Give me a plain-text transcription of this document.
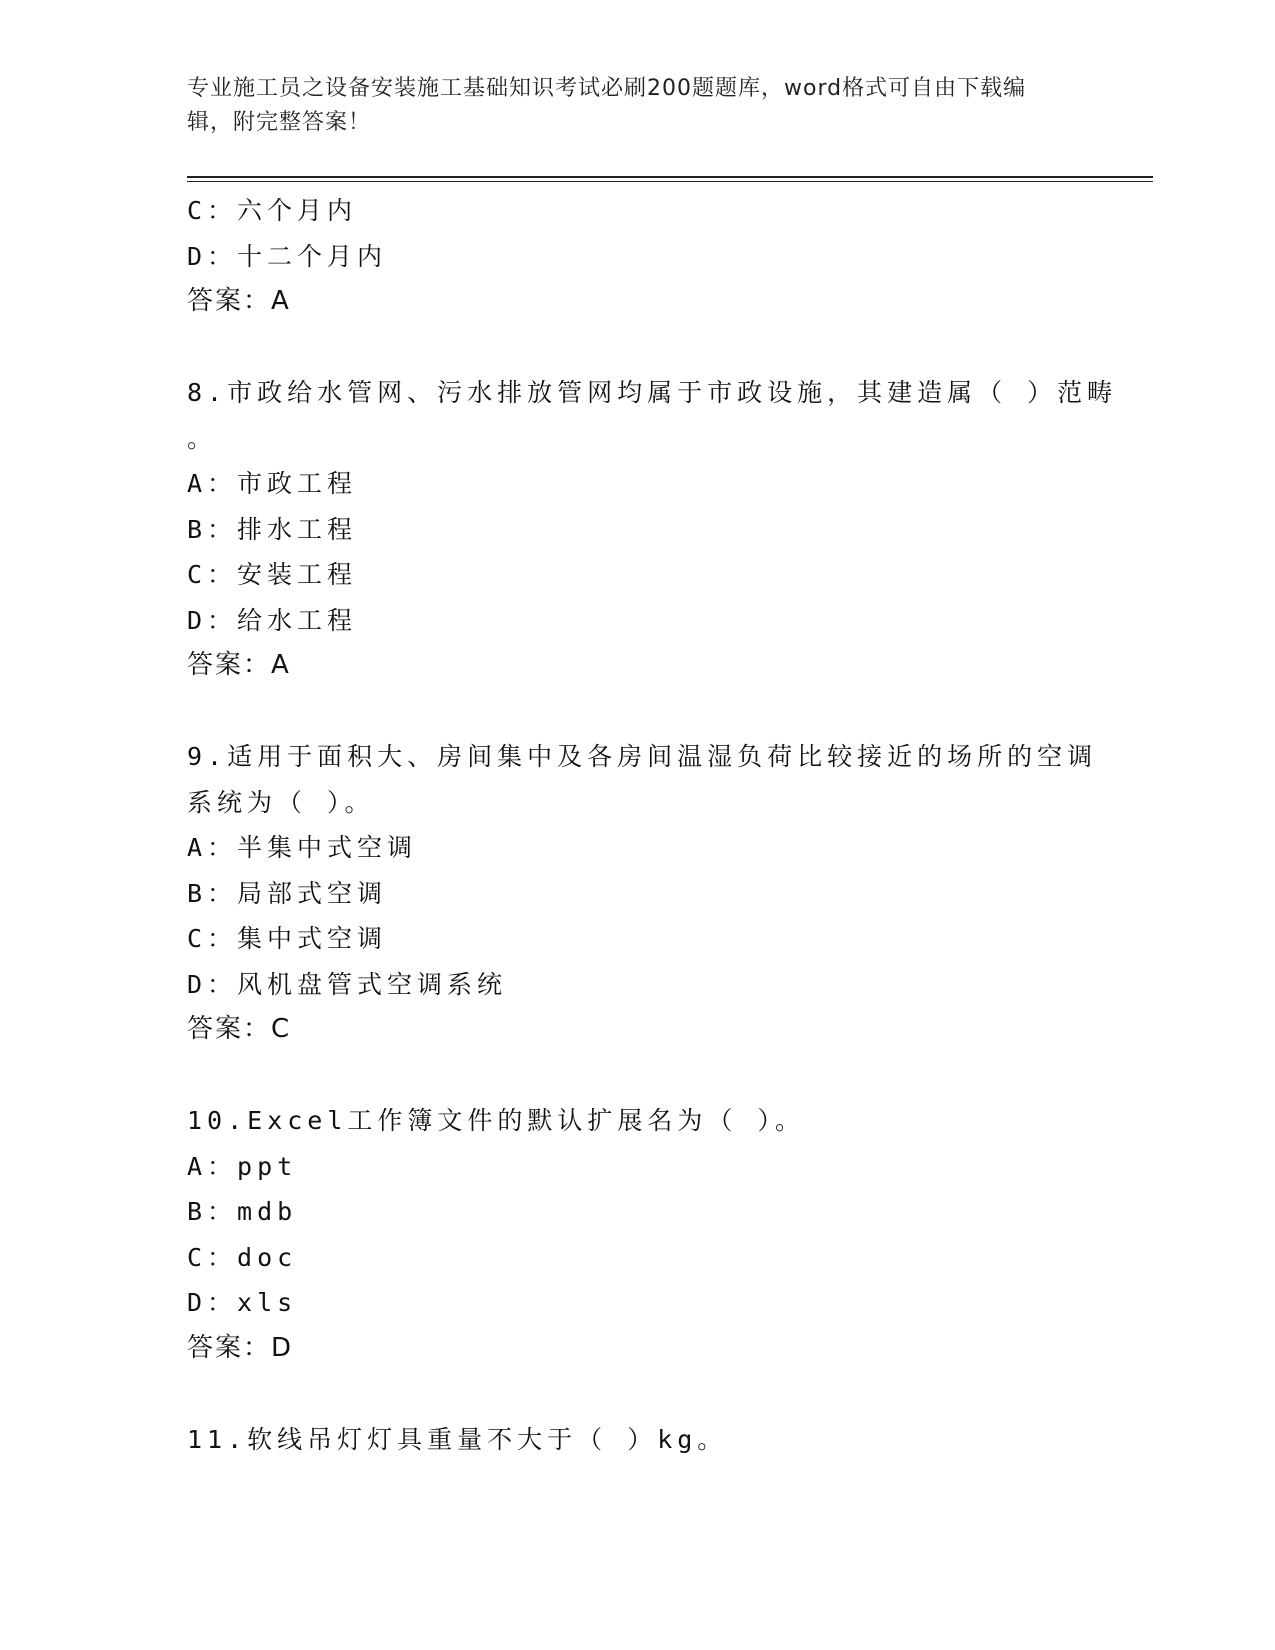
专业施工员之设备安装施工基础知识考试必刷200题题库，word格式可自由下载编辑，附完整答案！
C：六个月内
D：十二个月内
答案：A
8.市政给水管网、污水排放管网均属于市政设施，其建造属（ ）范畴
。
A：市政工程
B：排水工程
C：安装工程
D：给水工程
答案：A
9.适用于面积大、房间集中及各房间温湿负荷比较接近的场所的空调
系统为（ ）。
A：半集中式空调
B：局部式空调
C：集中式空调
D：风机盘管式空调系统
答案：C
10.Excel工作簿文件的默认扩展名为（ ）。
A：ppt
B：mdb
C：doc
D：xls
答案：D
11.软线吊灯灯具重量不大于（ ）kg。
